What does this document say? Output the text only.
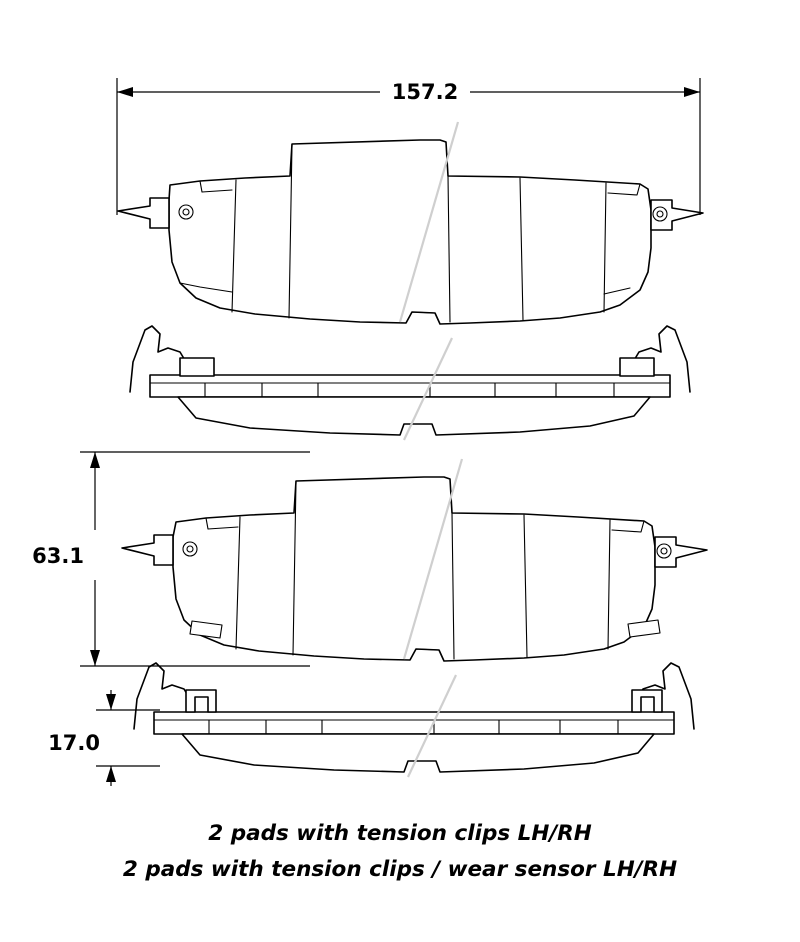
157.2
63.1
17.0
2 pads with tension clips LH/RH
2 pads with tension clips / wear sensor LH/RH
